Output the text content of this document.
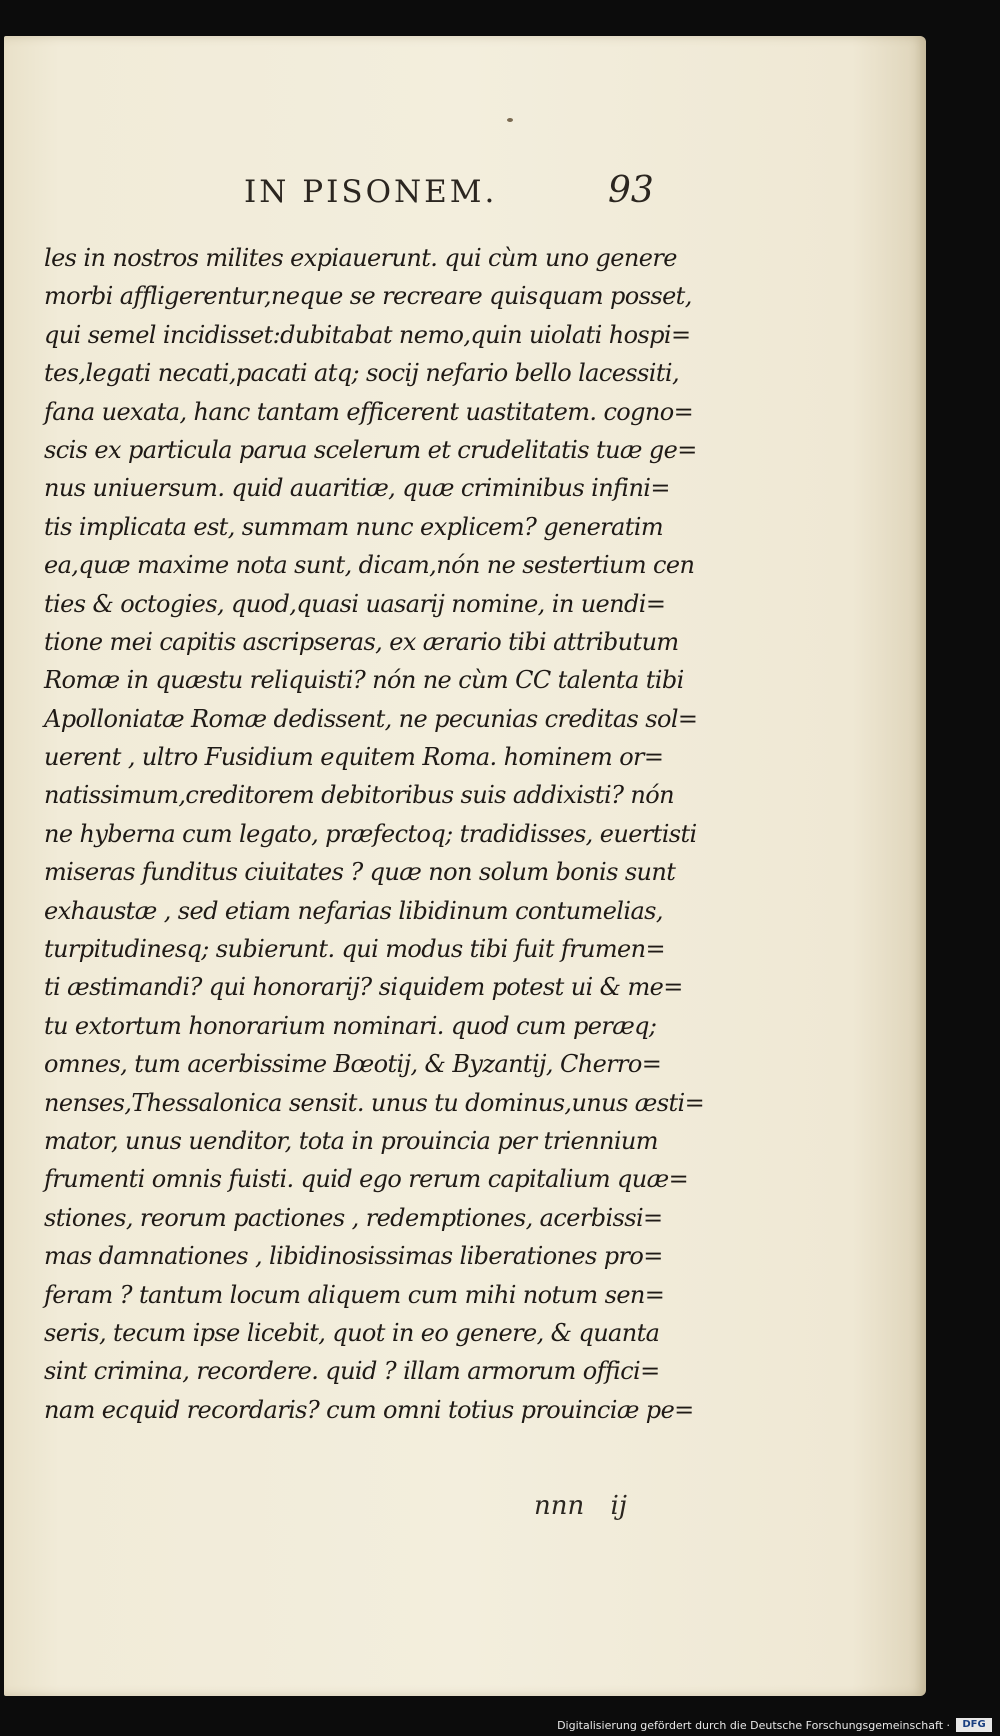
IN PISONEM.	93
les in nostros milites expiauerunt. qui cùm uno genere
morbi affligerentur,neque se recreare quisquam posset,
qui semel incidisset:dubitabat nemo,quin uiolati hospi=
tes,legati necati,pacati atq; socij nefario bello lacessiti,
fana uexata, hanc tantam efficerent uastitatem. cogno=
scis ex particula parua scelerum et crudelitatis tuæ ge=
nus uniuersum. quid auaritiæ, quæ criminibus infini=
tis implicata est, summam nunc explicem? generatim
ea,quæ maxime nota sunt, dicam,nón ne sestertium cen
ties & octogies, quod,quasi uasarij nomine, in uendi=
tione mei capitis ascripseras, ex ærario tibi attributum
Romæ in quæstu reliquisti? nón ne cùm CC talenta tibi
Apolloniatæ Romæ dedissent, ne pecunias creditas sol=
uerent , ultro Fusidium equitem Roma. hominem or=
natissimum,creditorem debitoribus suis addixisti? nón
ne hyberna cum legato, præfectoq; tradidisses, euertisti
miseras funditus ciuitates ? quæ non solum bonis sunt
exhaustæ , sed etiam nefarias libidinum contumelias,
turpitudinesq; subierunt. qui modus tibi fuit frumen=
ti æstimandi? qui honorarij? siquidem potest ui & me=
tu extortum honorarium nominari. quod cum peræq;
omnes, tum acerbissime Bœotij, & Byzantij, Cherro=
nenses,Thessalonica sensit. unus tu dominus,unus æsti=
mator, unus uenditor, tota in prouincia per triennium
frumenti omnis fuisti. quid ego rerum capitalium quæ=
stiones, reorum pactiones , redemptiones, acerbissi=
mas damnationes , libidinosissimas liberationes pro=
feram ? tantum locum aliquem cum mihi notum sen=
seris, tecum ipse licebit, quot in eo genere, & quanta
sint crimina, recordere. quid ? illam armorum offici=
nam ecquid recordaris? cum omni totius prouinciæ pe=
nnn ij
Digitalisierung gefördert durch die Deutsche Forschungsgemeinschaft ·	DFG
